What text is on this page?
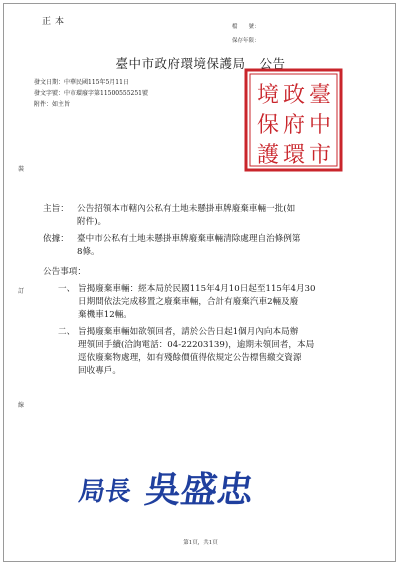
正本	檔　　號：
保存年限：
臺中市政府環境保護局 公告
發文日期：中華民國115年5月11日
發文字號：中市環廢字第11500555251號
附件：如主旨	臺
中
市
政
府
環
境
保
護
裝
訂
線
主旨： 公告招領本市轄內公私有土地未懸掛車牌廢棄車輛一批(如
附件)。
依據： 臺中市公私有土地未懸掛車牌廢棄車輛清除處理自治條例第
8條。
公告事項：
一、 旨揭廢棄車輛：經本局於民國115年4月10日起至115年4月30
日期間依法完成移置之廢棄車輛，合計有廢棄汽車2輛及廢
棄機車12輛。
二、 旨揭廢棄車輛如欲領回者，請於公告日起1個月內向本局辦
理領回手續(洽詢電話：04-22203139)，逾期未領回者，本局
逕依廢棄物處理，如有殘餘價值得依規定公告標售繳交資源
回收專戶。
局長 吳盛忠
第1頁，共1頁
